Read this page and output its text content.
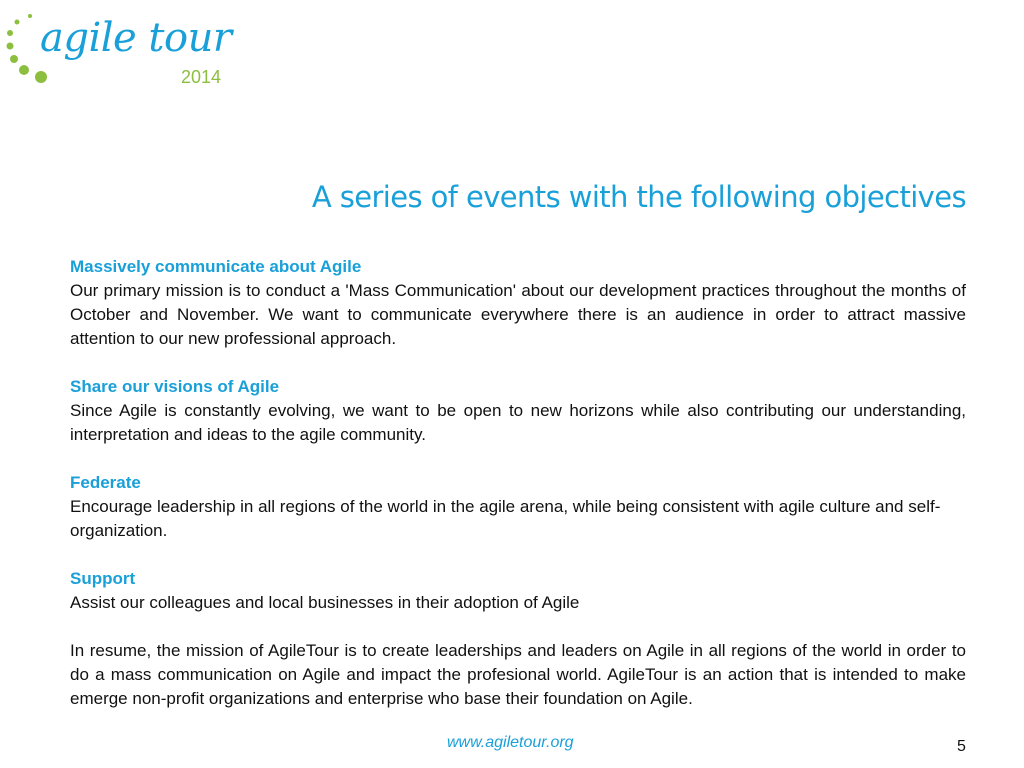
agile tour
2014
A series of events with the following objectives
Massively communicate about Agile
Our primary mission is to conduct a 'Mass Communication' about our development practices throughout the months of October and November. We want to communicate everywhere there is an audience in order to attract massive attention to our new professional approach.
Share our visions of Agile
Since Agile is constantly evolving, we want to be open to new horizons while also contributing our understanding, interpretation and ideas to the agile community.
Federate
Encourage leadership in all regions of the world in the agile arena, while being consistent with agile culture and self-organization.
Support
Assist our colleagues and local businesses in their adoption of Agile
In resume, the mission of AgileTour is to create leaderships and leaders on Agile in all regions of the world in order to do a mass communication on Agile and impact the profesional world. AgileTour is an action that is intended to make emerge non-profit organizations and enterprise who base their foundation on Agile.
www.agiletour.org	5
